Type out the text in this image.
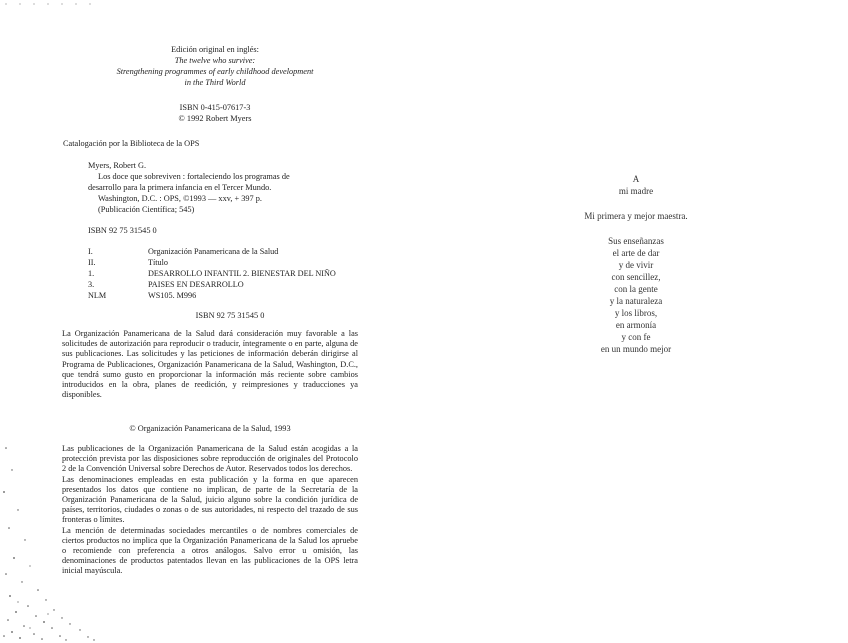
Edición original en inglés:
The twelve who survive:
Strengthening programmes of early childhood development
in the Third World
ISBN 0-415-07617-3
© 1992 Robert Myers
Catalogación por la Biblioteca de la OPS
Myers, Robert G.
Los doce que sobreviven : fortaleciendo los programas de
desarrollo para la primera infancia en el Tercer Mundo.
Washington, D.C. : OPS, ©1993 — xxv, + 397 p.
(Publicación Científica; 545)
ISBN 92 75 31545 0
I.	Organización Panamericana de la Salud
II.	Título
1.	DESARROLLO INFANTIL 2. BIENESTAR DEL NIÑO
3.	PAISES EN DESARROLLO
NLM	WS105. M996
ISBN 92 75 31545 0

La Organización Panamericana de la Salud dará consideración muy favorable a las solicitudes de autorización para reproducir o traducir, íntegramente o en parte, alguna de sus publicaciones. Las solicitudes y las peticiones de información deberán dirigirse al Programa de Publicaciones, Organización Panamericana de la Salud, Washington, D.C., que tendrá sumo gusto en proporcionar la información más reciente sobre cambios introducidos en la obra, planes de reedición, y reimpresiones y traducciones ya disponibles.

© Organización Panamericana de la Salud, 1993

Las publicaciones de la Organización Panamericana de la Salud están acogidas a la protección prevista por las disposiciones sobre reproducción de originales del Protocolo 2 de la Convención Universal sobre Derechos de Autor. Reservados todos los derechos.

Las denominaciones empleadas en esta publicación y la forma en que aparecen presentados los datos que contiene no implican, de parte de la Secretaría de la Organización Panamericana de la Salud, juicio alguno sobre la condición jurídica de países, territorios, ciudades o zonas o de sus autoridades, ni respecto del trazado de sus fronteras o límites.

La mención de determinadas sociedades mercantiles o de nombres comerciales de ciertos productos no implica que la Organización Panamericana de la Salud los apruebe o recomiende con preferencia a otros análogos. Salvo error u omisión, las denominaciones de productos patentados llevan en las publicaciones de la OPS letra inicial mayúscula.

A
mi madre
Mi primera y mejor maestra.
Sus enseñanzas
el arte de dar
y de vivir
con sencillez,
con la gente
y la naturaleza
y los libros,
en armonía
y con fe
en un mundo mejor
